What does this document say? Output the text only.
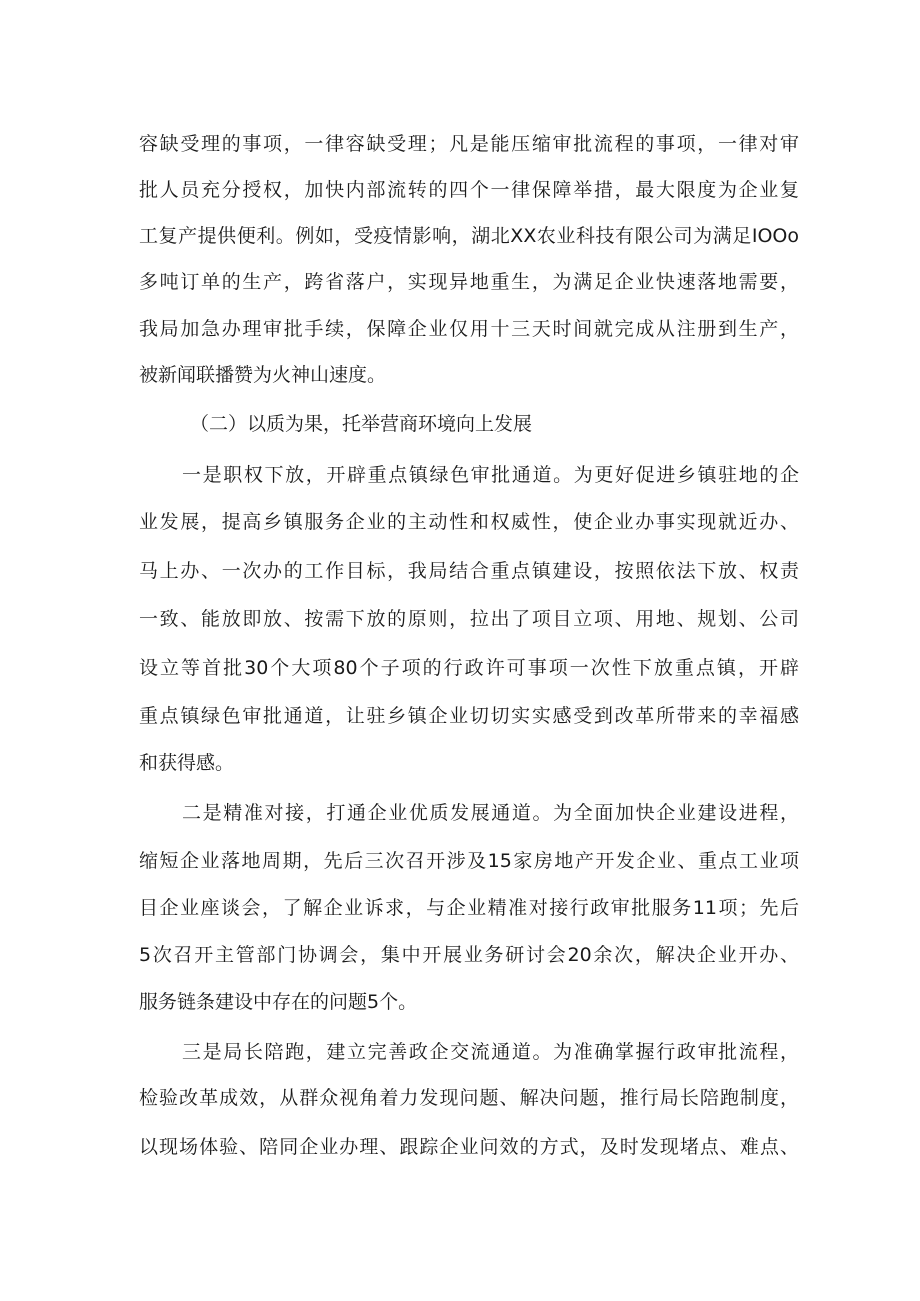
容缺受理的事项，一律容缺受理；凡是能压缩审批流程的事项，一律对审
批人员充分授权，加快内部流转的四个一律保障举措，最大限度为企业复
工复产提供便利。例如，受疫情影响，湖北XX农业科技有限公司为满足IOOo
多吨订单的生产，跨省落户，实现异地重生，为满足企业快速落地需要，
我局加急办理审批手续，保障企业仅用十三天时间就完成从注册到生产，
被新闻联播赞为火神山速度。
（二）以质为果，托举营商环境向上发展
一是职权下放，开辟重点镇绿色审批通道。为更好促进乡镇驻地的企
业发展，提高乡镇服务企业的主动性和权威性，使企业办事实现就近办、
马上办、一次办的工作目标，我局结合重点镇建设，按照依法下放、权责
一致、能放即放、按需下放的原则，拉出了项目立项、用地、规划、公司
设立等首批30个大项80个子项的行政许可事项一次性下放重点镇，开辟
重点镇绿色审批通道，让驻乡镇企业切切实实感受到改革所带来的幸福感
和获得感。
二是精准对接，打通企业优质发展通道。为全面加快企业建设进程，
缩短企业落地周期，先后三次召开涉及15家房地产开发企业、重点工业项
目企业座谈会，了解企业诉求，与企业精准对接行政审批服务11项；先后
5次召开主管部门协调会，集中开展业务研讨会20余次，解决企业开办、
服务链条建设中存在的问题5个。
三是局长陪跑，建立完善政企交流通道。为准确掌握行政审批流程，
检验改革成效，从群众视角着力发现问题、解决问题，推行局长陪跑制度，
以现场体验、陪同企业办理、跟踪企业问效的方式，及时发现堵点、难点、
